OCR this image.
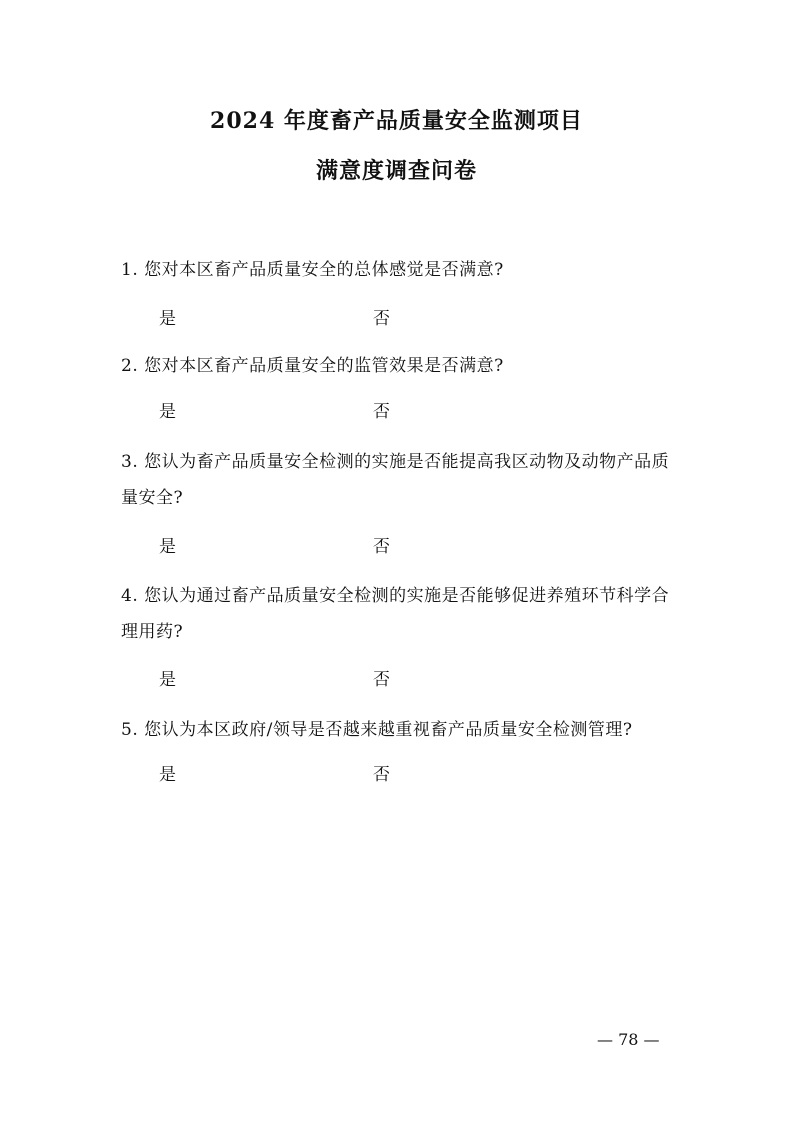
2024 年度畜产品质量安全监测项目
满意度调查问卷

1. 您对本区畜产品质量安全的总体感觉是否满意?

是	否

2. 您对本区畜产品质量安全的监管效果是否满意?

是	否

3. 您认为畜产品质量安全检测的实施是否能提高我区动物及动物产品质量安全?

是	否

4. 您认为通过畜产品质量安全检测的实施是否能够促进养殖环节科学合理用药?

是	否

5. 您认为本区政府/领导是否越来越重视畜产品质量安全检测管理?

是	否
— 78 —
